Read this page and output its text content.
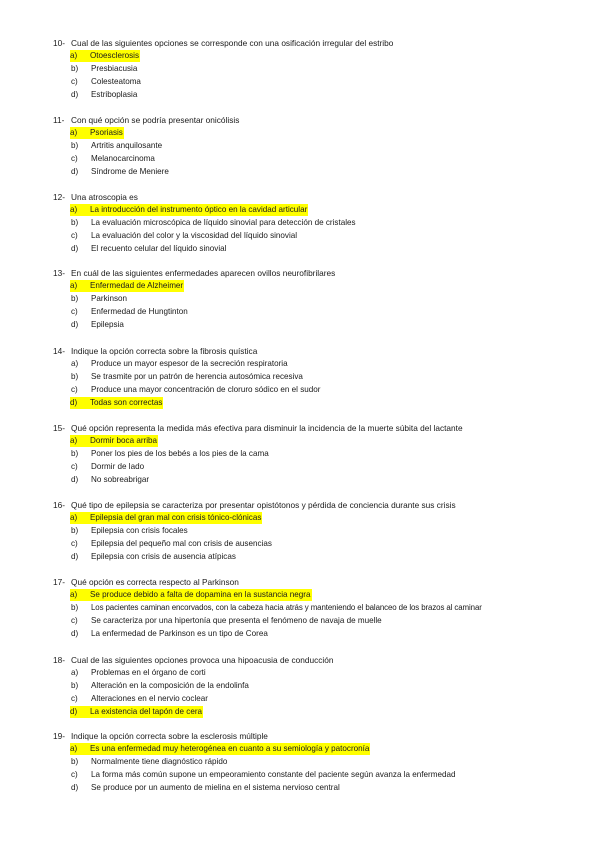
10- Cual de las siguientes opciones se corresponde con una osificación irregular del estribo
a)	Otoesclerosis
b) Presbiacusia
c) Colesteatoma
d) Estriboplasia
11- Con qué opción se podría presentar onicólisis
a)	Psoriasis
b) Artritis anquilosante
c) Melanocarcinoma
d) Síndrome de Meniere
12- Una atroscopia es
a)	La introducción del instrumento óptico en la cavidad articular
b) La evaluación microscópica de líquido sinovial para detección de cristales
c) La evaluación del color y la viscosidad del líquido sinovial
d) El recuento celular del líquido sinovial
13- En cuál de las siguientes enfermedades aparecen ovillos neurofibrilares
a)	Enfermedad de Alzheimer
b) Parkinson
c) Enfermedad de Hungtinton
d) Epilepsia
14- Indique la opción correcta sobre la fibrosis quística
a) Produce un mayor espesor de la secreción respiratoria
b) Se trasmite por un patrón de herencia autosómica recesiva
c) Produce una mayor concentración de cloruro sódico en el sudor
d)	Todas son correctas
15- Qué opción representa la medida más efectiva para disminuir la incidencia de la muerte súbita del lactante
a)	Dormir boca arriba
b) Poner los pies de los bebés a los pies de la cama
c) Dormir de lado
d) No sobreabrigar
16- Qué tipo de epilepsia se caracteriza por presentar opistótonos y pérdida de conciencia durante sus crisis
a)	Epilepsia del gran mal con crisis tónico-clónicas
b) Epilepsia con crisis focales
c) Epilepsia del pequeño mal con crisis de ausencias
d) Epilepsia con crisis de ausencia atípicas
17- Qué opción es correcta respecto al Parkinson
a)	Se produce debido a falta de dopamina en la sustancia negra
b) Los pacientes caminan encorvados, con la cabeza hacia atrás y manteniendo el balanceo de los brazos al caminar
c) Se caracteriza por una hipertonía que presenta el fenómeno de navaja de muelle
d) La enfermedad de Parkinson es un tipo de Corea
18- Cual de las siguientes opciones provoca una hipoacusia de conducción
a) Problemas en el órgano de corti
b) Alteración en la composición de la endolinfa
c) Alteraciones en el nervio coclear
d)	La existencia del tapón de cera
19- Indique la opción correcta sobre la esclerosis múltiple
a)	Es una enfermedad muy heterogénea en cuanto a su semiología y patocronía
b) Normalmente tiene diagnóstico rápido
c) La forma más común supone un empeoramiento constante del paciente según avanza la enfermedad
d) Se produce por un aumento de mielina en el sistema nervioso central
